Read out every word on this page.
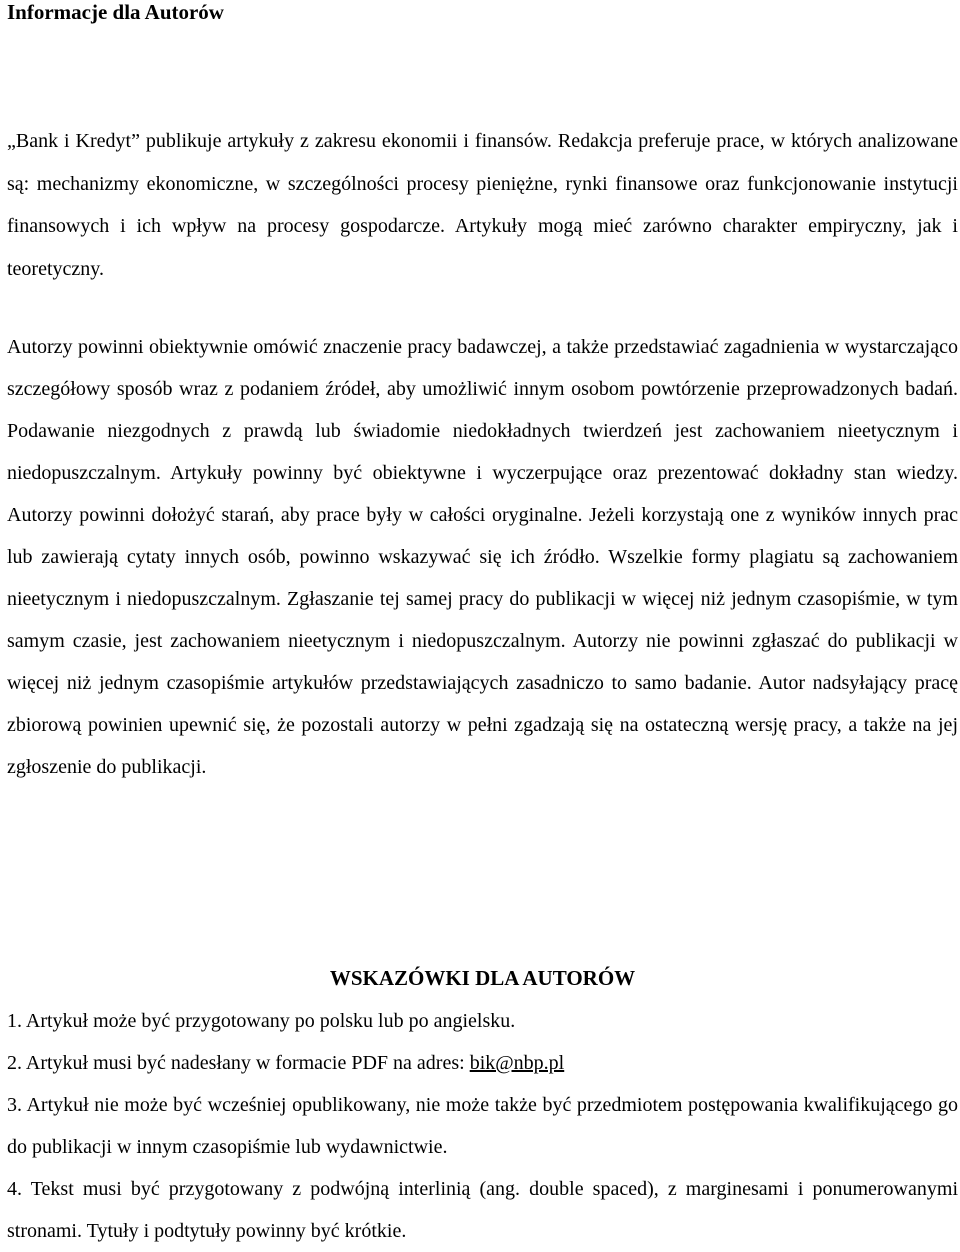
Informacje dla Autorów

„Bank i Kredyt” publikuje artykuły z zakresu ekonomii i finansów. Redakcja preferuje prace, w których analizowane są: mechanizmy ekonomiczne, w szczególności procesy pieniężne, rynki finansowe oraz funkcjonowanie instytucji finansowych i ich wpływ na procesy gospodarcze. Artykuły mogą mieć zarówno charakter empiryczny, jak i teoretyczny.

Autorzy powinni obiektywnie omówić znaczenie pracy badawczej, a także przedstawiać zagadnienia w wystarczająco szczegółowy sposób wraz z podaniem źródeł, aby umożliwić innym osobom powtórzenie przeprowadzonych badań. Podawanie niezgodnych z prawdą lub świadomie niedokładnych twierdzeń jest zachowaniem nieetycznym i niedopuszczalnym. Artykuły powinny być obiektywne i wyczerpujące oraz prezentować dokładny stan wiedzy. Autorzy powinni dołożyć starań, aby prace były w całości oryginalne. Jeżeli korzystają one z wyników innych prac lub zawierają cytaty innych osób, powinno wskazywać się ich źródło. Wszelkie formy plagiatu są zachowaniem nieetycznym i niedopuszczalnym. Zgłaszanie tej samej pracy do publikacji w więcej niż jednym czasopiśmie, w tym samym czasie, jest zachowaniem nieetycznym i niedopuszczalnym. Autorzy nie powinni zgłaszać do publikacji w więcej niż jednym czasopiśmie artykułów przedstawiających zasadniczo to samo badanie. Autor nadsyłający pracę zbiorową powinien upewnić się, że pozostali autorzy w pełni zgadzają się na ostateczną wersję pracy, a także na jej zgłoszenie do publikacji.

WSKAZÓWKI DLA AUTORÓW
1. Artykuł może być przygotowany po polsku lub po angielsku.
2. Artykuł musi być nadesłany w formacie PDF na adres: bik@nbp.pl
3. Artykuł nie może być wcześniej opublikowany, nie może także być przedmiotem postępowania kwalifikującego go do publikacji w innym czasopiśmie lub wydawnictwie.
4. Tekst musi być przygotowany z podwójną interlinią (ang. double spaced), z marginesami i ponumerowanymi stronami. Tytuły i podtytuły powinny być krótkie.
